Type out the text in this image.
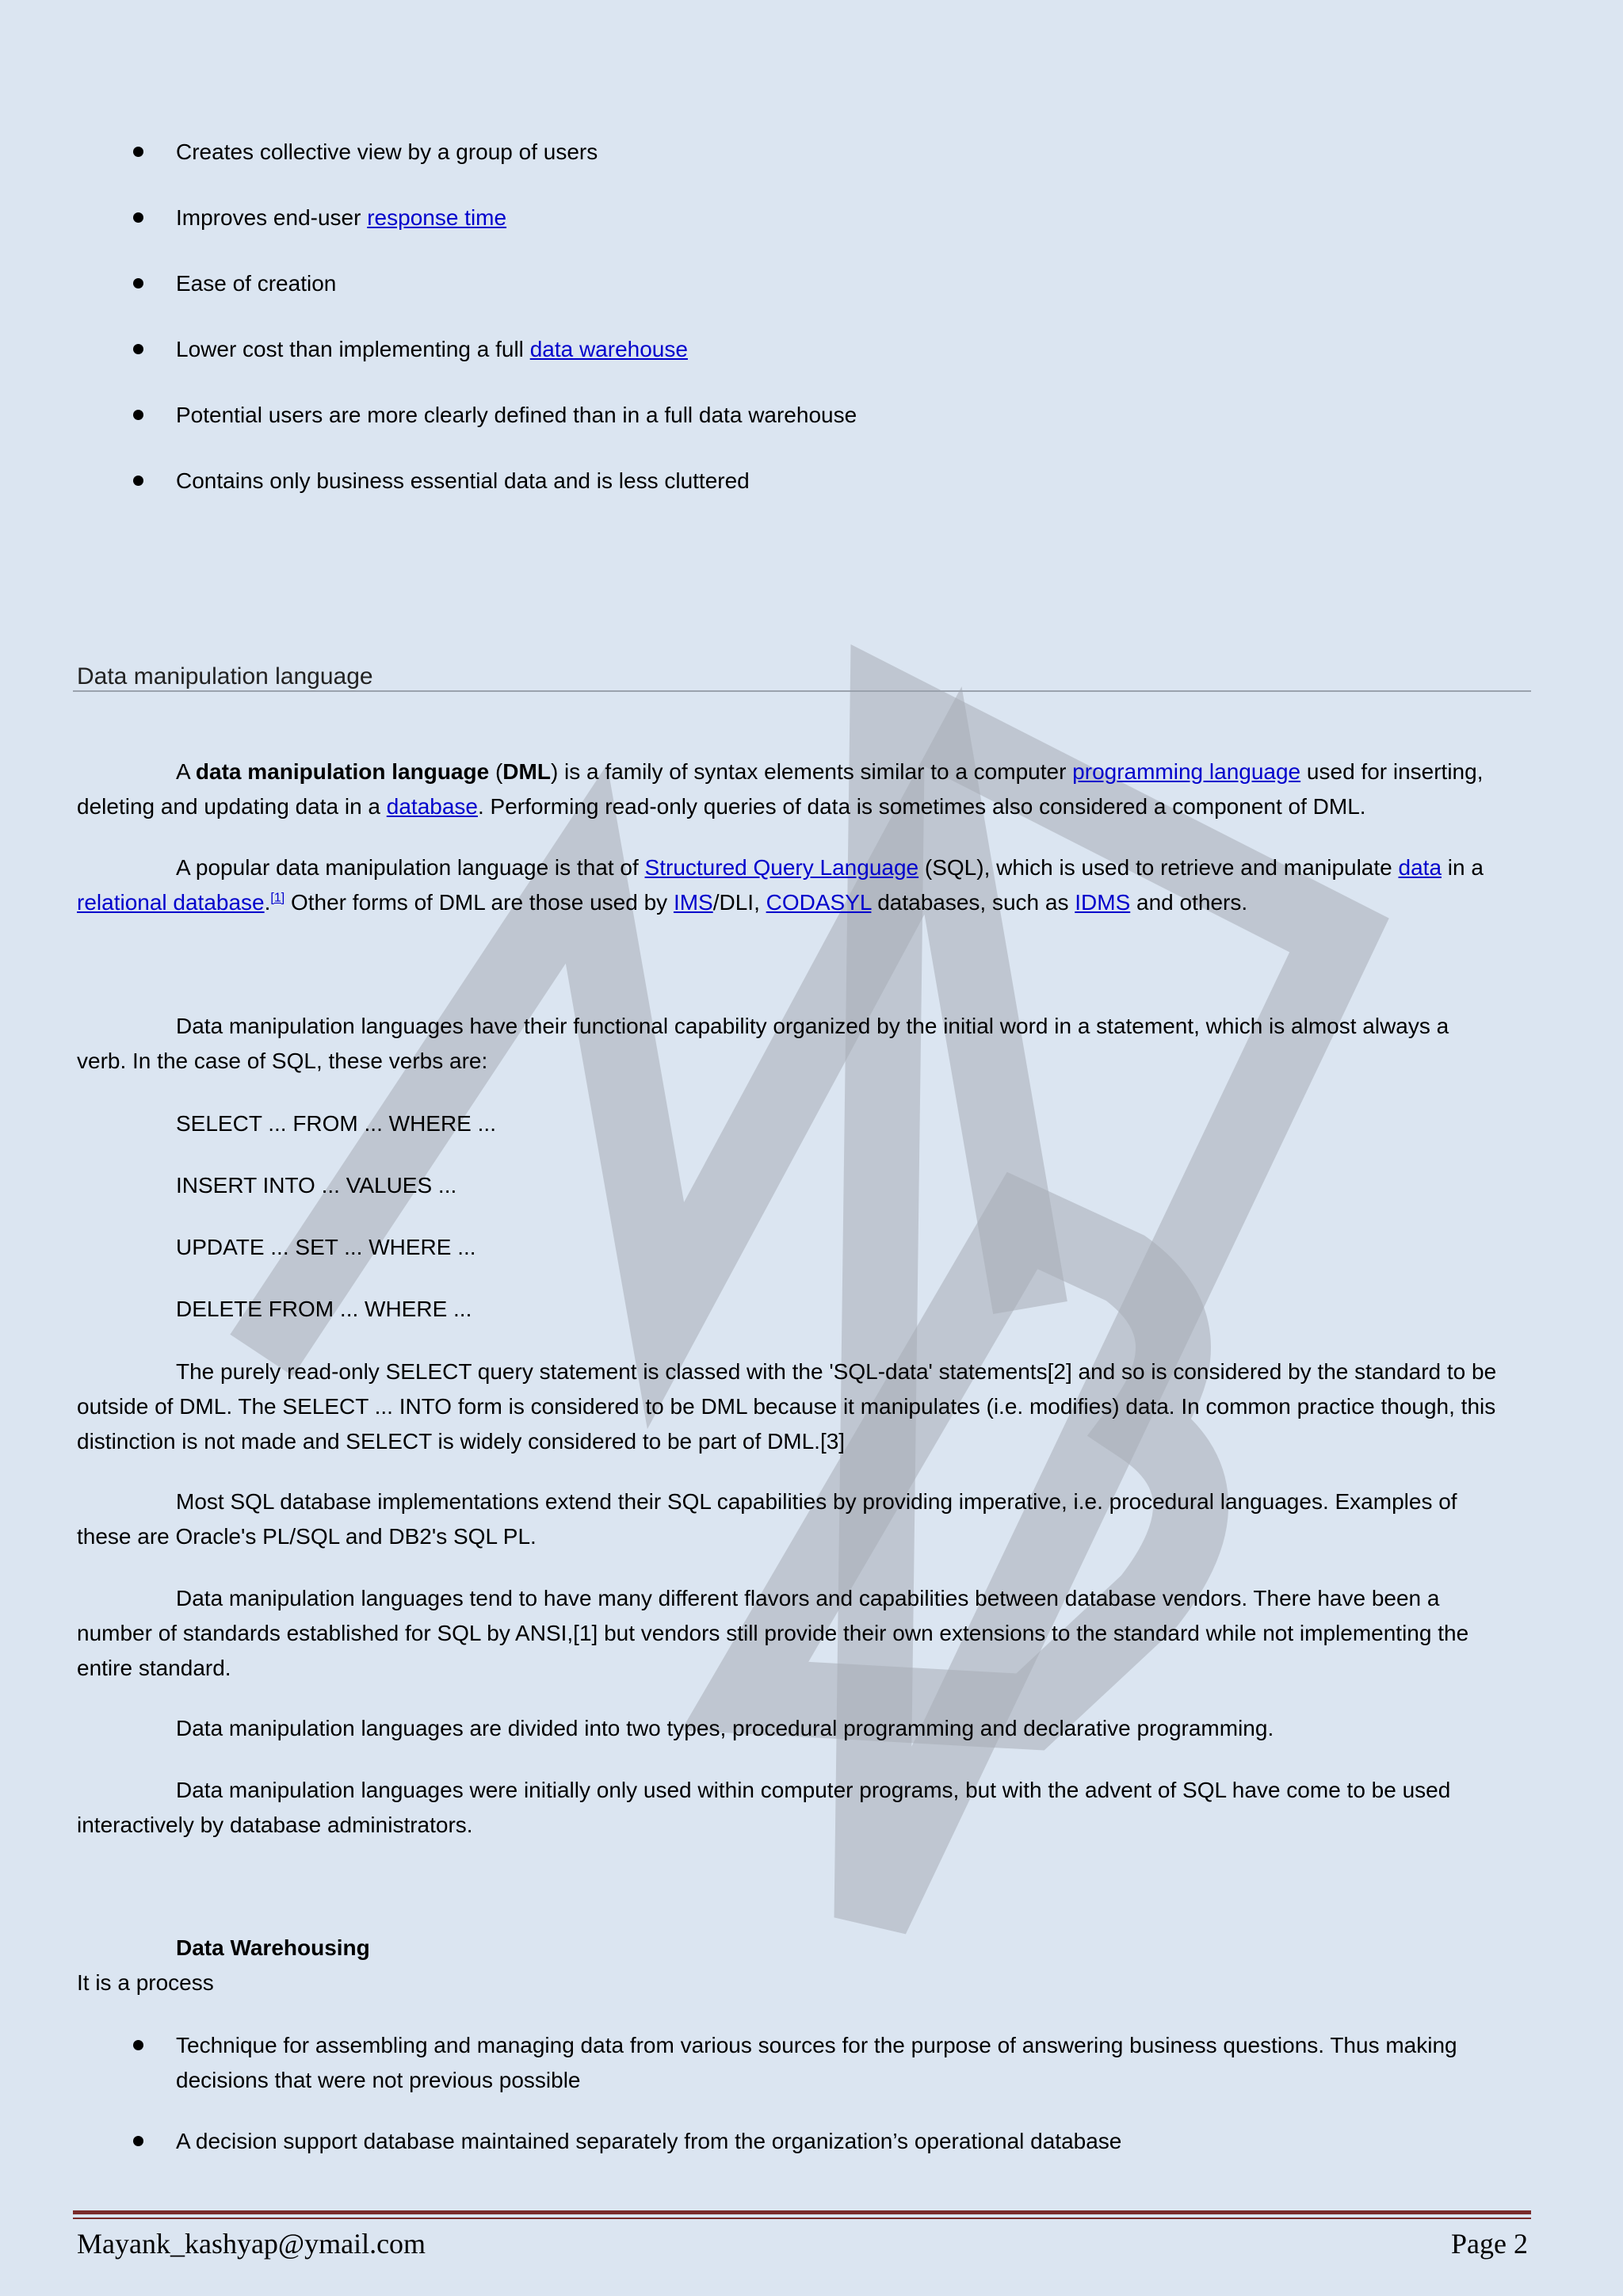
Creates collective view by a group of users
Improves end-user response time
Ease of creation
Lower cost than implementing a full data warehouse
Potential users are more clearly defined than in a full data warehouse
Contains only business essential data and is less cluttered
Data manipulation language

A data manipulation language (DML) is a family of syntax elements similar to a computer programming language used for inserting, deleting and updating data in a database. Performing read-only queries of data is sometimes also considered a component of DML.

A popular data manipulation language is that of Structured Query Language (SQL), which is used to retrieve and manipulate data in a relational database.[1] Other forms of DML are those used by IMS/DLI, CODASYL databases, such as IDMS and others.

Data manipulation languages have their functional capability organized by the initial word in a statement, which is almost always a verb. In the case of SQL, these verbs are:

SELECT ... FROM ... WHERE ...
INSERT INTO ... VALUES ...
UPDATE ... SET ... WHERE ...
DELETE FROM ... WHERE ...

The purely read-only SELECT query statement is classed with the 'SQL-data' statements[2] and so is considered by the standard to be outside of DML. The SELECT ... INTO form is considered to be DML because it manipulates (i.e. modifies) data. In common practice though, this distinction is not made and SELECT is widely considered to be part of DML.[3]

Most SQL database implementations extend their SQL capabilities by providing imperative, i.e. procedural languages. Examples of these are Oracle's PL/SQL and DB2's SQL PL.

Data manipulation languages tend to have many different flavors and capabilities between database vendors. There have been a number of standards established for SQL by ANSI,[1] but vendors still provide their own extensions to the standard while not implementing the entire standard.

Data manipulation languages are divided into two types, procedural programming and declarative programming.

Data manipulation languages were initially only used within computer programs, but with the advent of SQL have come to be used interactively by database administrators.

Data Warehousing
It is a process
Technique for assembling and managing data from various sources for the purpose of answering business questions. Thus making decisions that were not previous possible
A decision support database maintained separately from the organization’s operational database
Mayank_kashyap@ymail.com	Page 2
